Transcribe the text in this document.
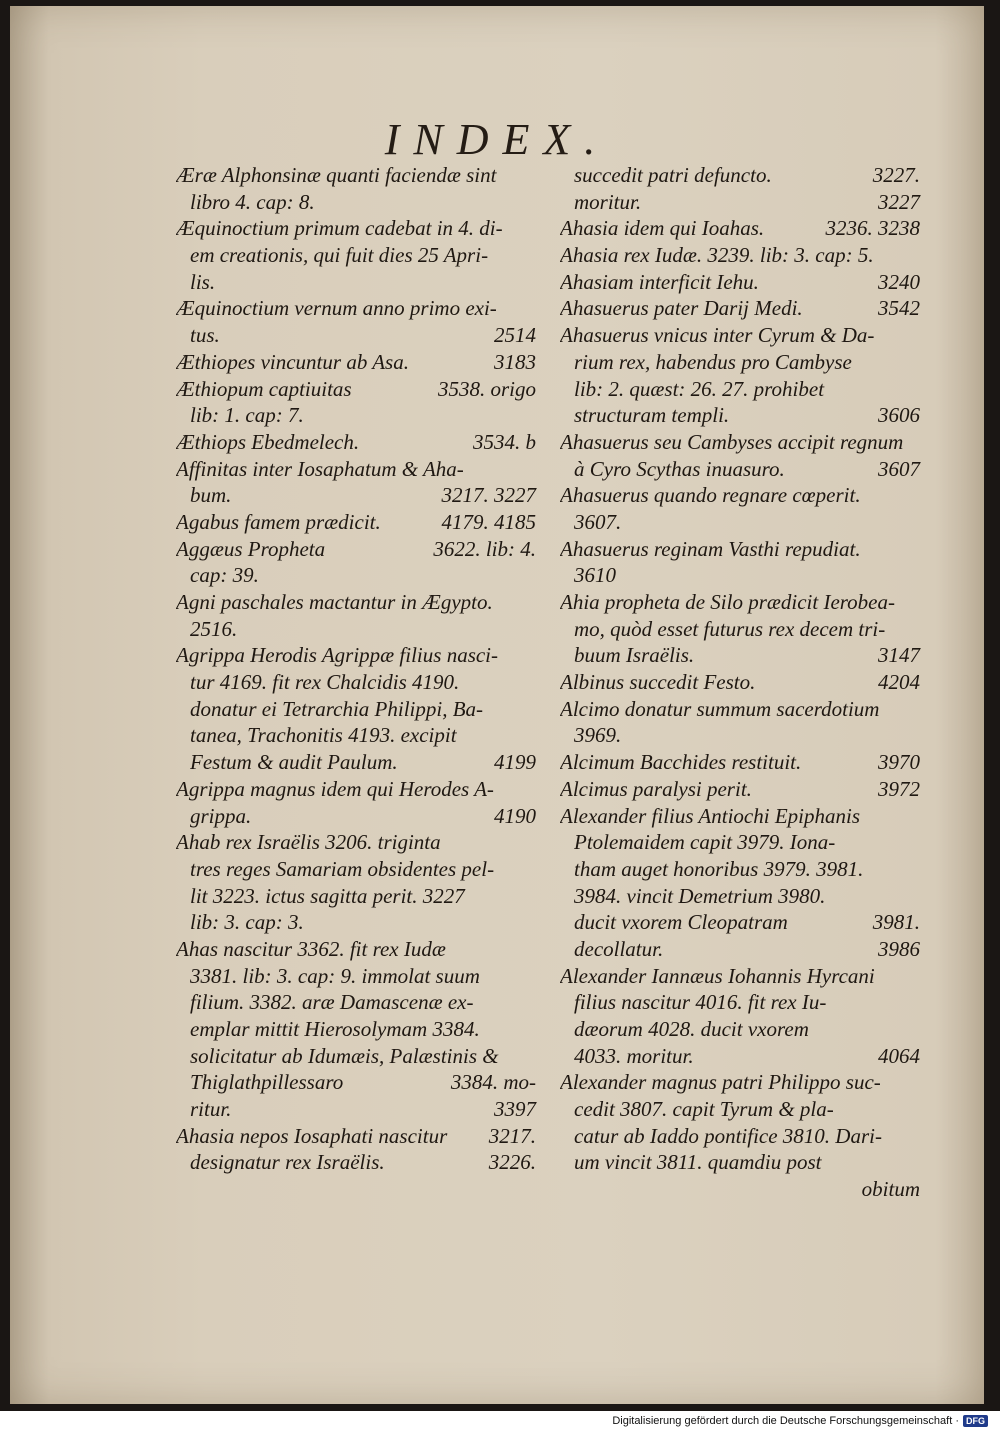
INDEX.
Æræ Alphonsinæ quanti faciendæ sint
libro 4. cap: 8.
Æquinoctium primum cadebat in 4. di-
em creationis, qui fuit dies 25 Apri-
lis.
Æquinoctium vernum anno primo exi-
tus.	2514
Æthiopes vincuntur ab Asa.	3183
Æthiopum captiuitas	3538. origo
lib: 1. cap: 7.
Æthiops Ebedmelech.	3534. b
Affinitas inter Iosaphatum & Aha-
bum.	3217. 3227
Agabus famem prædicit.	4179. 4185
Aggæus Propheta	3622. lib: 4.
cap: 39.
Agni paschales mactantur in Ægypto.
2516.
Agrippa Herodis Agrippæ filius nasci-
tur 4169. fit rex Chalcidis 4190.
donatur ei Tetrarchia Philippi, Ba-
tanea, Trachonitis 4193. excipit
Festum & audit Paulum.	4199
Agrippa magnus idem qui Herodes A-
grippa.	4190
Ahab rex Israëlis 3206. triginta
tres reges Samariam obsidentes pel-
lit 3223. ictus sagitta perit. 3227
lib: 3. cap: 3.
Ahas nascitur 3362. fit rex Iudæ
3381. lib: 3. cap: 9. immolat suum
filium. 3382. aræ Damascenæ ex-
emplar mittit Hierosolymam 3384.
solicitatur ab Idumæis, Palæstinis &
Thiglathpillessaro	3384. mo-
ritur.	3397
Ahasia nepos Iosaphati nascitur	3217.
designatur rex Israëlis.	3226.
succedit patri defuncto.	3227.
moritur.	3227
Ahasia idem qui Ioahas.	3236. 3238
Ahasia rex Iudæ. 3239. lib: 3. cap: 5.
Ahasiam interficit Iehu.	3240
Ahasuerus pater Darij Medi.	3542
Ahasuerus vnicus inter Cyrum & Da-
rium rex, habendus pro Cambyse
lib: 2. quæst: 26. 27. prohibet
structuram templi.	3606
Ahasuerus seu Cambyses accipit regnum
à Cyro Scythas inuasuro.	3607
Ahasuerus quando regnare cœperit.
3607.
Ahasuerus reginam Vasthi repudiat.
3610
Ahia propheta de Silo prædicit Ierobea-
mo, quòd esset futurus rex decem tri-
buum Israëlis.	3147
Albinus succedit Festo.	4204
Alcimo donatur summum sacerdotium
3969.
Alcimum Bacchides restituit.	3970
Alcimus paralysi perit.	3972
Alexander filius Antiochi Epiphanis
Ptolemaidem capit 3979. Iona-
tham auget honoribus 3979. 3981.
3984. vincit Demetrium 3980.
ducit vxorem Cleopatram	3981.
decollatur.	3986
Alexander Iannæus Iohannis Hyrcani
filius nascitur 4016. fit rex Iu-
dæorum 4028. ducit vxorem
4033. moritur.	4064
Alexander magnus patri Philippo suc-
cedit 3807. capit Tyrum & pla-
catur ab Iaddo pontifice 3810. Dari-
um vincit 3811. quamdiu post
obitum
Digitalisierung gefördert durch die Deutsche Forschungsgemeinschaft · DFG
